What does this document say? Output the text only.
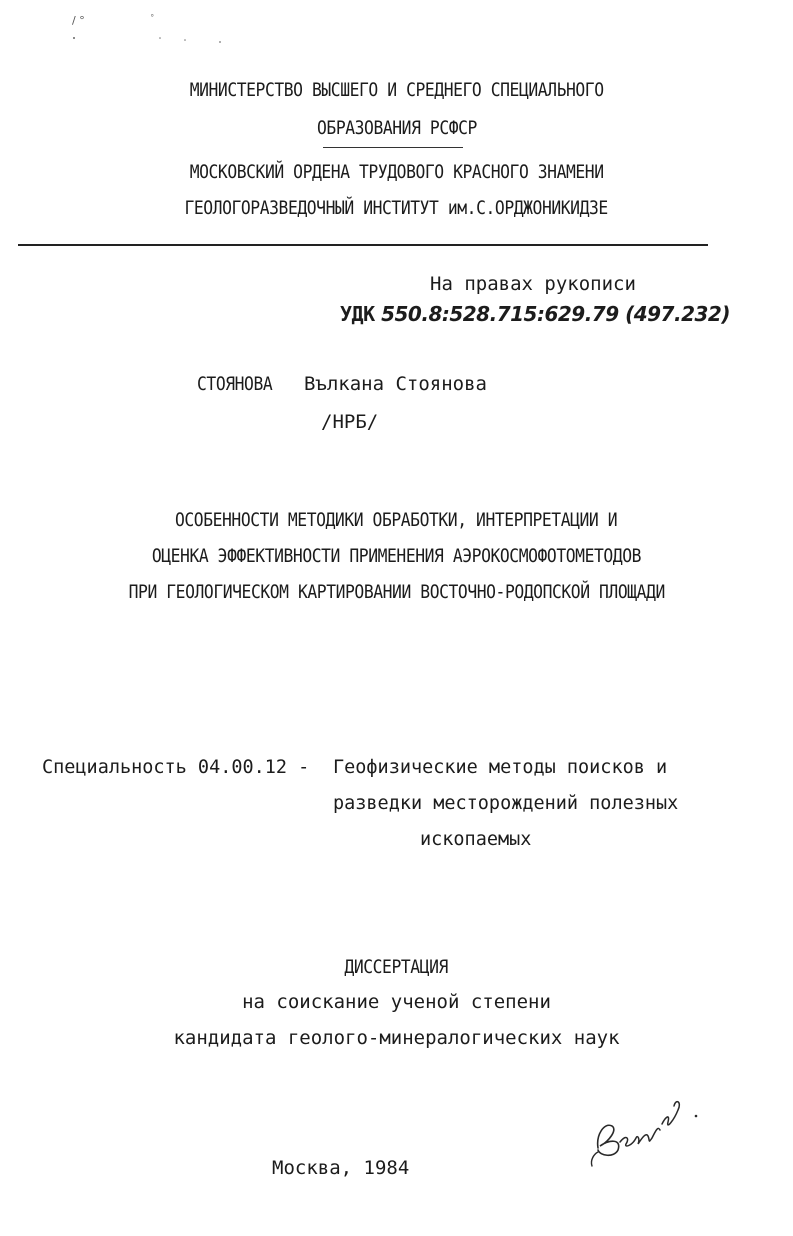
/ °	˚
МИНИСТЕРСТВО ВЫСШЕГО И СРЕДНЕГО СПЕЦИАЛЬНОГО
ОБРАЗОВАНИЯ РСФСР
МОСКОВСКИЙ ОРДЕНА ТРУДОВОГО КРАСНОГО ЗНАМЕНИ
ГЕОЛОГОРАЗВЕДОЧНЫЙ ИНСТИТУТ им.С.ОРДЖОНИКИДЗЕ
На правах рукописи
УДК 550.8:528.715:629.79 (497.232)
СТОЯНОВА Вълкана Стоянова
/НРБ/
ОСОБЕННОСТИ МЕТОДИКИ ОБРАБОТКИ, ИНТЕРПРЕТАЦИИ И
ОЦЕНКА ЭФФЕКТИВНОСТИ ПРИМЕНЕНИЯ АЭРОКОСМОФОТОМЕТОДОВ
ПРИ ГЕОЛОГИЧЕСКОМ КАРТИРОВАНИИ ВОСТОЧНО-РОДОПСКОЙ ПЛОЩАДИ
Специальность 04.00.12 - Геофизические методы поисков и
разведки месторождений полезных
ископаемых
ДИССЕРТАЦИЯ
на соискание ученой степени
кандидата геолого-минералогических наук
Москва, 1984
